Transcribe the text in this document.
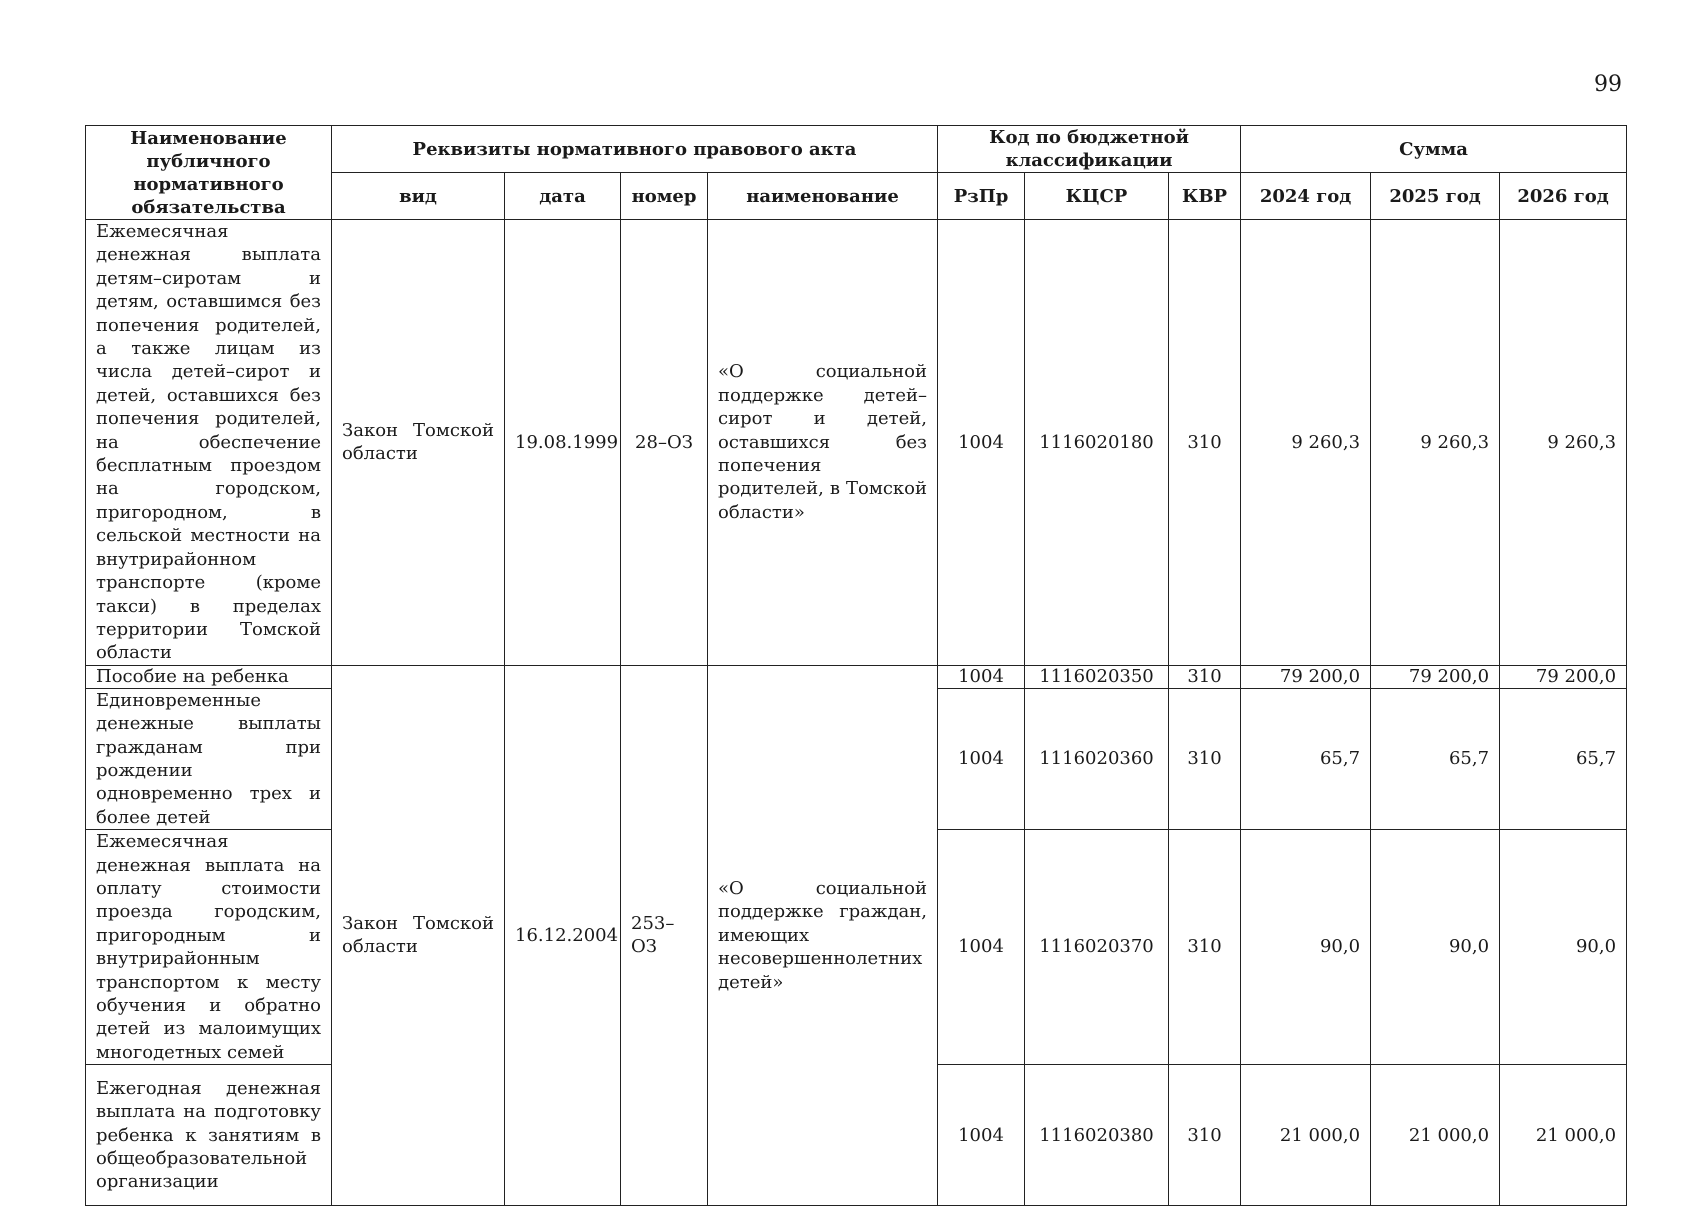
99
Наименование публичного нормативного обязательства	Реквизиты нормативного правового акта				Код по бюджетной классификации			Сумма		
	вид	дата	номер	наименование	РзПр	КЦСР	КВР	2024 год	2025 год	2026 год
Ежемесячная денежная выплата детям–сиротам и детям, оставшимся без попечения родителей, а также лицам из числа детей–сирот и детей, оставшихся без попечения родителей, на обеспечение бесплатным проездом на городском, пригородном, в сельской местности на внутрирайонном транспорте (кроме такси) в пределах территории Томской области	Закон Томской области	19.08.1999	28–ОЗ	«О социальной поддержке детей–сирот и детей, оставшихся без попечения родителей, в Томской области»	1004	1116020180	310	9 260,3	9 260,3	9 260,3
Пособие на ребенка	Закон Томской области	16.12.2004	253–ОЗ	«О социальной поддержке граждан, имеющих несовершеннолетних детей»	1004	1116020350	310	79 200,0	79 200,0	79 200,0
Единовременные денежные выплаты гражданам при рождении одновременно трех и более детей					1004	1116020360	310	65,7	65,7	65,7
Ежемесячная денежная выплата на оплату стоимости проезда городским, пригородным и внутрирайонным транспортом к месту обучения и обратно детей из малоимущих многодетных семей					1004	1116020370	310	90,0	90,0	90,0
Ежегодная денежная выплата на подготовку ребенка к занятиям в общеобразовательной организации					1004	1116020380	310	21 000,0	21 000,0	21 000,0
